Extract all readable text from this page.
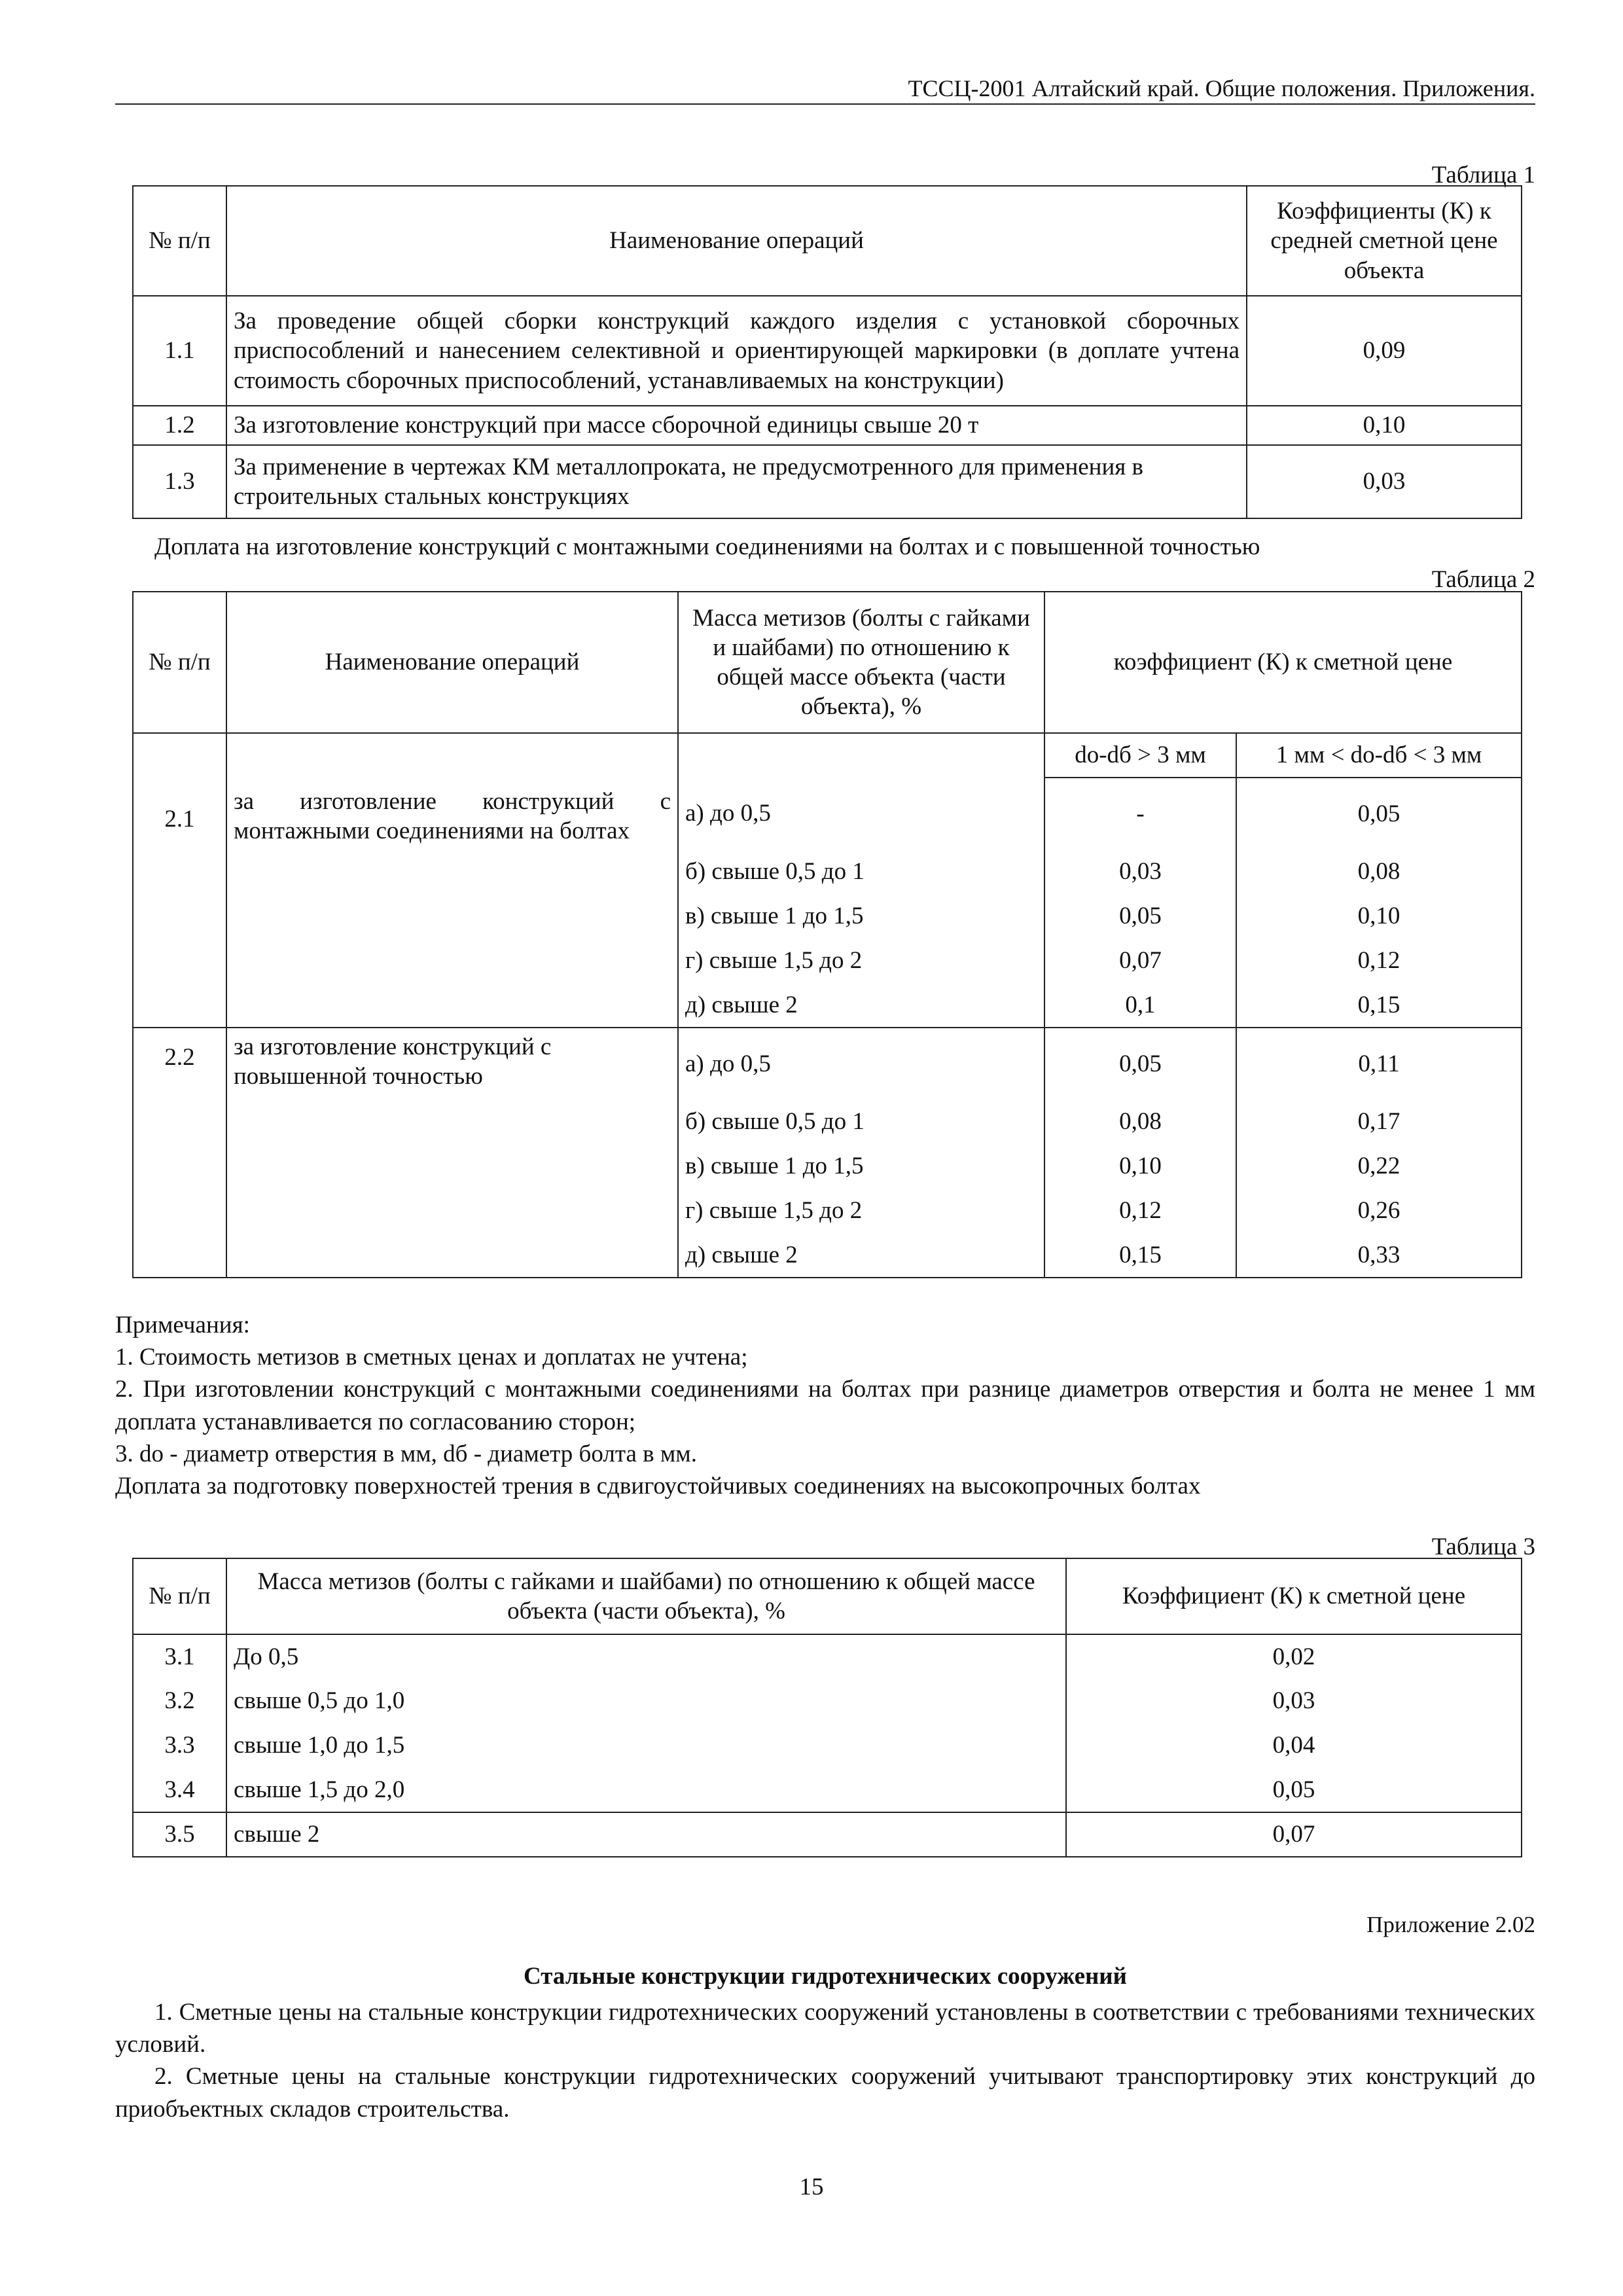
ТССЦ-2001 Алтайский край. Общие положения. Приложения.
Таблица 1
№ п/п	Наименование операций	Коэффициенты (К) к средней сметной цене объекта
1.1	За проведение общей сборки конструкций каждого изделия с установкой сборочных приспособлений и нанесением селективной и ориентирующей маркировки (в доплате учтена стоимость сборочных приспособлений, устанавливаемых на конструкции)	0,09
1.2	За изготовление конструкций при массе сборочной единицы свыше 20 т	0,10
1.3	За применение в чертежах КМ металлопроката, не предусмотренного для применения в строительных стальных конструкциях	0,03
Доплата на изготовление конструкций с монтажными соединениями на болтах и с повышенной точностью
Таблица 2
№ п/п	Наименование операций	Масса метизов (болты с гайками и шайбами) по отношению к общей массе объекта (части объекта), %	коэффициент (К) к сметной цене	
2.1	за изготовление конструкций с монтажными соединениями на болтах		dо-dб > 3 мм	1 мм < dо-dб < 3 мм
		а) до 0,5	-	0,05
		б) свыше 0,5 до 1	0,03	0,08
		в) свыше 1 до 1,5	0,05	0,10
		г) свыше 1,5 до 2	0,07	0,12
		д) свыше 2	0,1	0,15
2.2	за изготовление конструкций с повышенной точностью	а) до 0,5	0,05	0,11
		б) свыше 0,5 до 1	0,08	0,17
		в) свыше 1 до 1,5	0,10	0,22
		г) свыше 1,5 до 2	0,12	0,26
		д) свыше 2	0,15	0,33

Примечания:

1. Стоимость метизов в сметных ценах и доплатах не учтена;

2. При изготовлении конструкций с монтажными соединениями на болтах при разнице диаметров отверстия и болта не менее 1 мм доплата устанавливается по согласованию сторон;

3. dо - диаметр отверстия в мм, dб - диаметр болта в мм.

Доплата за подготовку поверхностей трения в сдвигоустойчивых соединениях на высокопрочных болтах

Таблица 3
№ п/п	Масса метизов (болты с гайками и шайбами) по отношению к общей массе объекта (части объекта), %	Коэффициент (К) к сметной цене
3.1	До 0,5	0,02
3.2	свыше 0,5 до 1,0	0,03
3.3	свыше 1,0 до 1,5	0,04
3.4	свыше 1,5 до 2,0	0,05
3.5	свыше 2	0,07
Приложение 2.02
Стальные конструкции гидротехнических сооружений

1. Сметные цены на стальные конструкции гидротехнических сооружений установлены в соответствии с требованиями технических условий.

2. Сметные цены на стальные конструкции гидротехнических сооружений учитывают транспортировку этих конструкций до приобъектных складов строительства.

15
